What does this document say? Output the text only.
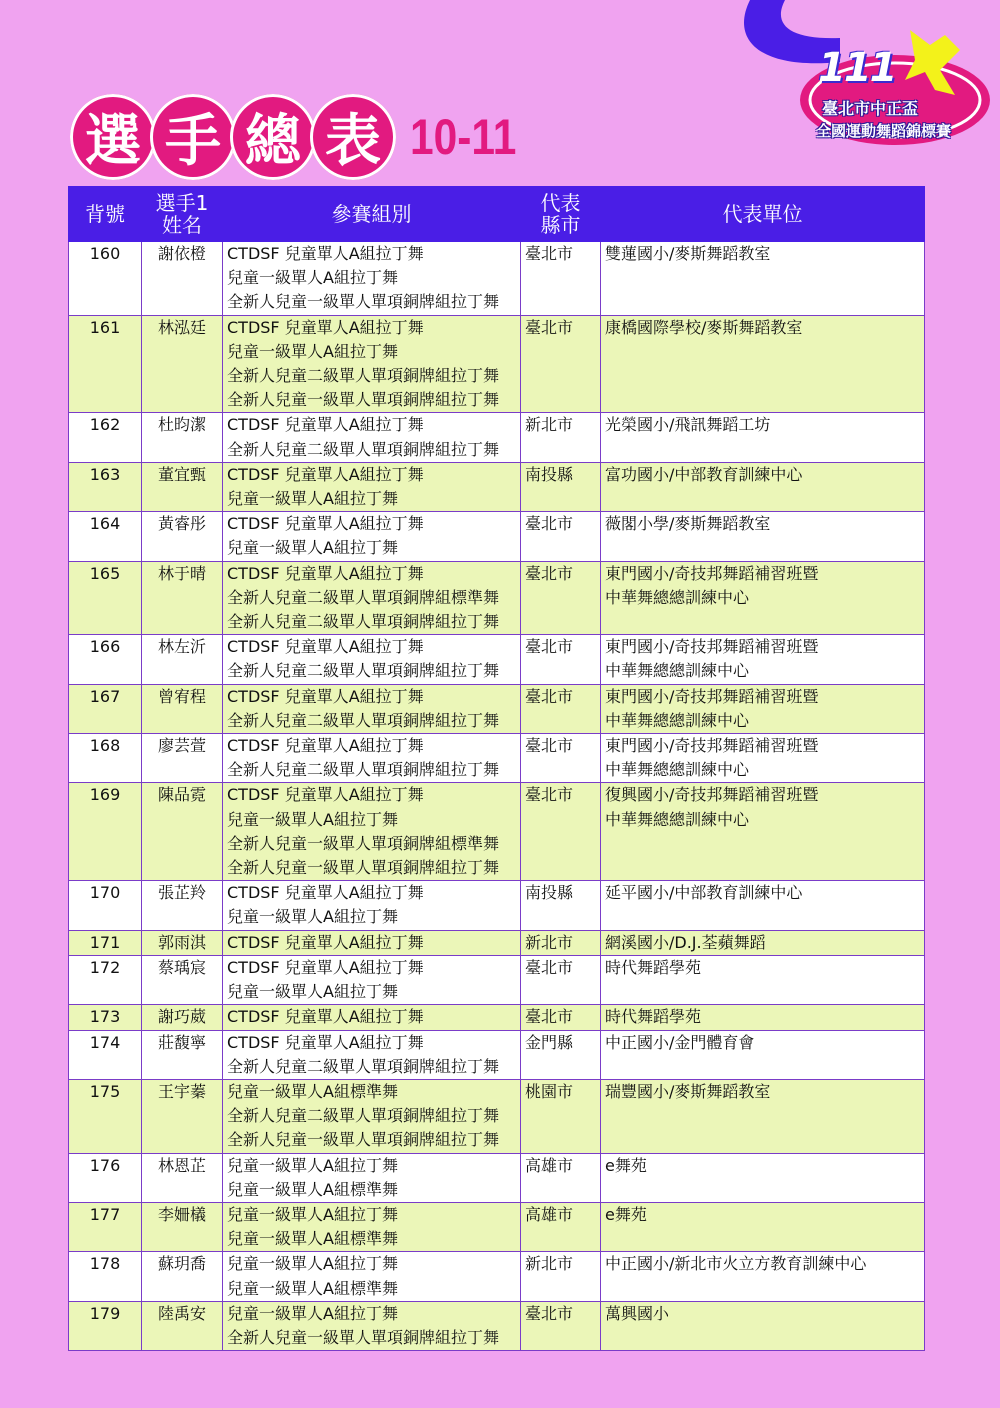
111
臺北市中正盃
全國運動舞蹈錦標賽
選 手 總 表 10-11
背號	選手1
姓名	參賽組別	代表
縣市	代表單位
160	謝依橙	CTDSF 兒童單人A組拉丁舞
兒童一級單人A組拉丁舞
全新人兒童一級單人單項銅牌組拉丁舞	臺北市	雙蓮國小/麥斯舞蹈教室

161	林泓廷	CTDSF 兒童單人A組拉丁舞
兒童一級單人A組拉丁舞
全新人兒童二級單人單項銅牌組拉丁舞
全新人兒童一級單人單項銅牌組拉丁舞	臺北市	康橋國際學校/麥斯舞蹈教室

162	杜昀潔	CTDSF 兒童單人A組拉丁舞
全新人兒童二級單人單項銅牌組拉丁舞	新北市	光榮國小/飛訊舞蹈工坊

163	董宜甄	CTDSF 兒童單人A組拉丁舞
兒童一級單人A組拉丁舞	南投縣	富功國小/中部教育訓練中心

164	黃睿彤	CTDSF 兒童單人A組拉丁舞
兒童一級單人A組拉丁舞	臺北市	薇閣小學/麥斯舞蹈教室

165	林于晴	CTDSF 兒童單人A組拉丁舞
全新人兒童二級單人單項銅牌組標準舞
全新人兒童二級單人單項銅牌組拉丁舞	臺北市	東門國小/奇技邦舞蹈補習班暨
中華舞總總訓練中心

166	林左沂	CTDSF 兒童單人A組拉丁舞
全新人兒童二級單人單項銅牌組拉丁舞	臺北市	東門國小/奇技邦舞蹈補習班暨
中華舞總總訓練中心

167	曾宥程	CTDSF 兒童單人A組拉丁舞
全新人兒童二級單人單項銅牌組拉丁舞	臺北市	東門國小/奇技邦舞蹈補習班暨
中華舞總總訓練中心

168	廖芸萱	CTDSF 兒童單人A組拉丁舞
全新人兒童二級單人單項銅牌組拉丁舞	臺北市	東門國小/奇技邦舞蹈補習班暨
中華舞總總訓練中心

169	陳品霓	CTDSF 兒童單人A組拉丁舞
兒童一級單人A組拉丁舞
全新人兒童一級單人單項銅牌組標準舞
全新人兒童一級單人單項銅牌組拉丁舞	臺北市	復興國小/奇技邦舞蹈補習班暨
中華舞總總訓練中心

170	張芷羚	CTDSF 兒童單人A組拉丁舞
兒童一級單人A組拉丁舞	南投縣	延平國小/中部教育訓練中心

171	郭雨淇	CTDSF 兒童單人A組拉丁舞	新北市	網溪國小/D.J.荃蘋舞蹈

172	蔡瑀宸	CTDSF 兒童單人A組拉丁舞
兒童一級單人A組拉丁舞	臺北市	時代舞蹈學苑

173	謝巧葳	CTDSF 兒童單人A組拉丁舞	臺北市	時代舞蹈學苑

174	莊馥寧	CTDSF 兒童單人A組拉丁舞
全新人兒童二級單人單項銅牌組拉丁舞	金門縣	中正國小/金門體育會

175	王宇蓁	兒童一級單人A組標準舞
全新人兒童二級單人單項銅牌組拉丁舞
全新人兒童一級單人單項銅牌組拉丁舞	桃園市	瑞豐國小/麥斯舞蹈教室

176	林恩芷	兒童一級單人A組拉丁舞
兒童一級單人A組標準舞	高雄市	e舞苑

177	李姍檥	兒童一級單人A組拉丁舞
兒童一級單人A組標準舞	高雄市	e舞苑

178	蘇玥喬	兒童一級單人A組拉丁舞
兒童一級單人A組標準舞	新北市	中正國小/新北市火立方教育訓練中心

179	陸禹安	兒童一級單人A組拉丁舞
全新人兒童一級單人單項銅牌組拉丁舞	臺北市	萬興國小
